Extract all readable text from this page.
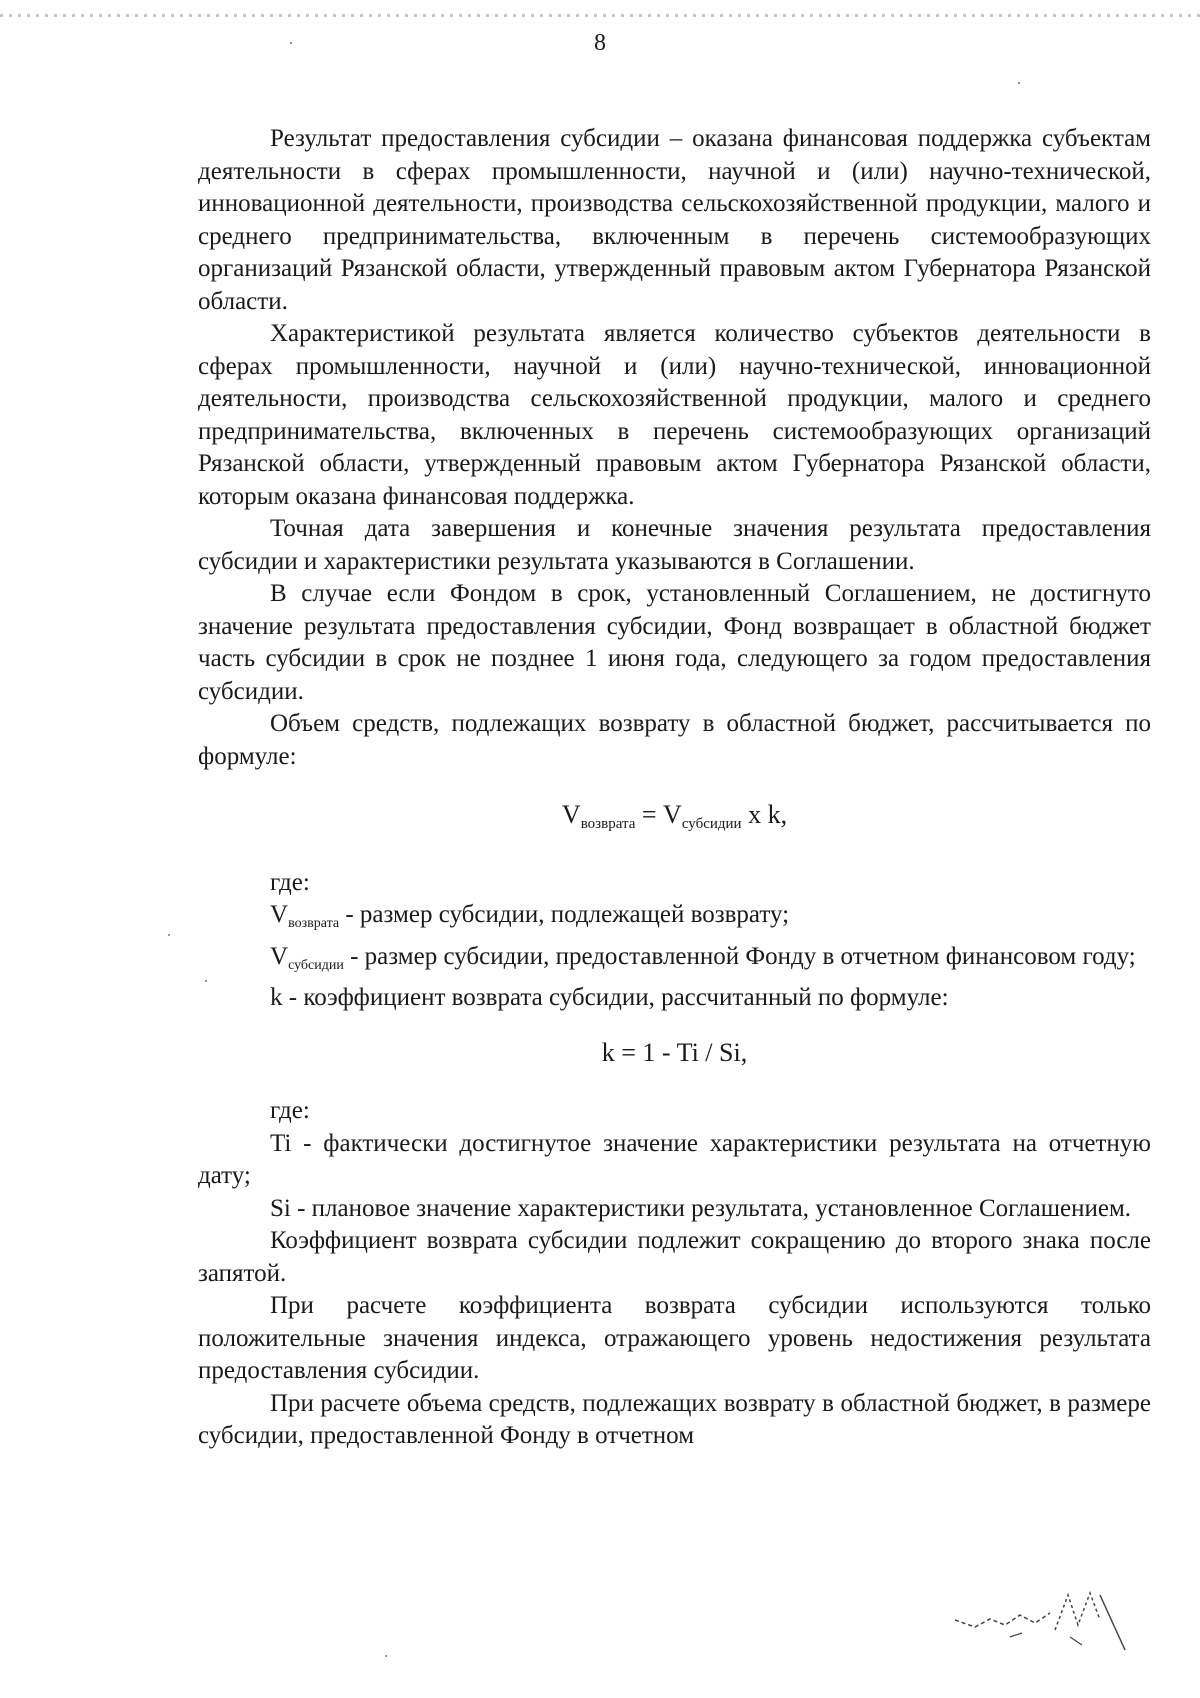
8

Результат предоставления субсидии – оказана финансовая поддержка субъектам деятельности в сферах промышленности, научной и (или) научно-технической, инновационной деятельности, производства сельскохозяйственной продукции, малого и среднего предпринимательства, включенным в перечень системообразующих организаций Рязанской области, утвержденный правовым актом Губернатора Рязанской области.

Характеристикой результата является количество субъектов деятельности в сферах промышленности, научной и (или) научно-технической, инновационной деятельности, производства сельскохозяйственной продукции, малого и среднего предпринимательства, включенных в перечень системообразующих организаций Рязанской области, утвержденный правовым актом Губернатора Рязанской области, которым оказана финансовая поддержка.

Точная дата завершения и конечные значения результата предоставления субсидии и характеристики результата указываются в Соглашении.

В случае если Фондом в срок, установленный Соглашением, не достигнуто значение результата предоставления субсидии, Фонд возвращает в областной бюджет часть субсидии в срок не позднее 1 июня года, следующего за годом предоставления субсидии.

Объем средств, подлежащих возврату в областной бюджет, рассчитывается по формуле:

$V_{возврата} = V_{субсидии}$ x k,

где:

$V_{возврата}$ - размер субсидии, подлежащей возврату;

$V_{субсидии}$ - размер субсидии, предоставленной Фонду в отчетном финансовом году;

k - коэффициент возврата субсидии, рассчитанный по формуле:

k = 1 - Ti / Si,

где:

Ti - фактически достигнутое значение характеристики результата на отчетную дату;

Si - плановое значение характеристики результата, установленное Соглашением.

Коэффициент возврата субсидии подлежит сокращению до второго знака после запятой.

При расчете коэффициента возврата субсидии используются только положительные значения индекса, отражающего уровень недостижения результата предоставления субсидии.

При расчете объема средств, подлежащих возврату в областной бюджет, в размере субсидии, предоставленной Фонду в отчетном
